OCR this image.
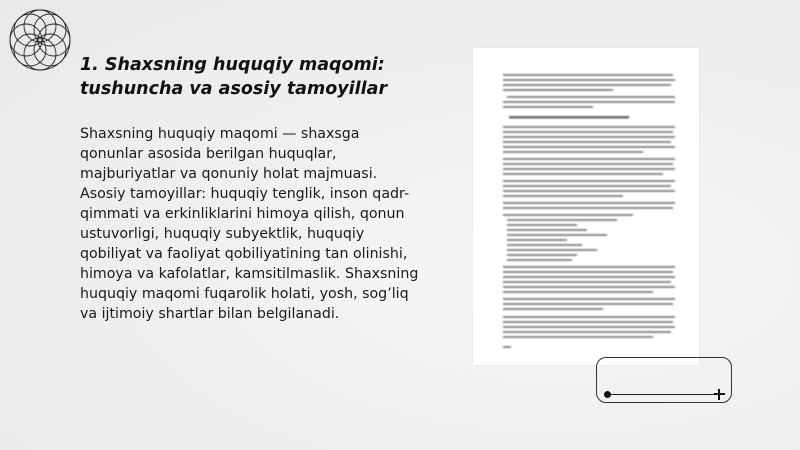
1. Shaxsning huquqiy maqomi:
tushuncha va asosiy tamoyillar
Shaxsning huquqiy maqomi — shaxsga qonunlar asosida berilgan huquqlar, majburiyatlar va qonuniy holat majmuasi. Asosiy tamoyillar: huquqiy tenglik, inson qadr-qimmati va erkinliklarini himoya qilish, qonun ustuvorligi, huquqiy subyektlik, huquqiy qobiliyat va faoliyat qobiliyatining tan olinishi, himoya va kafolatlar, kamsitilmaslik. Shaxsning huquqiy maqomi fuqarolik holati, yosh, sog’liq va ijtimoiy shartlar bilan belgilanadi.
